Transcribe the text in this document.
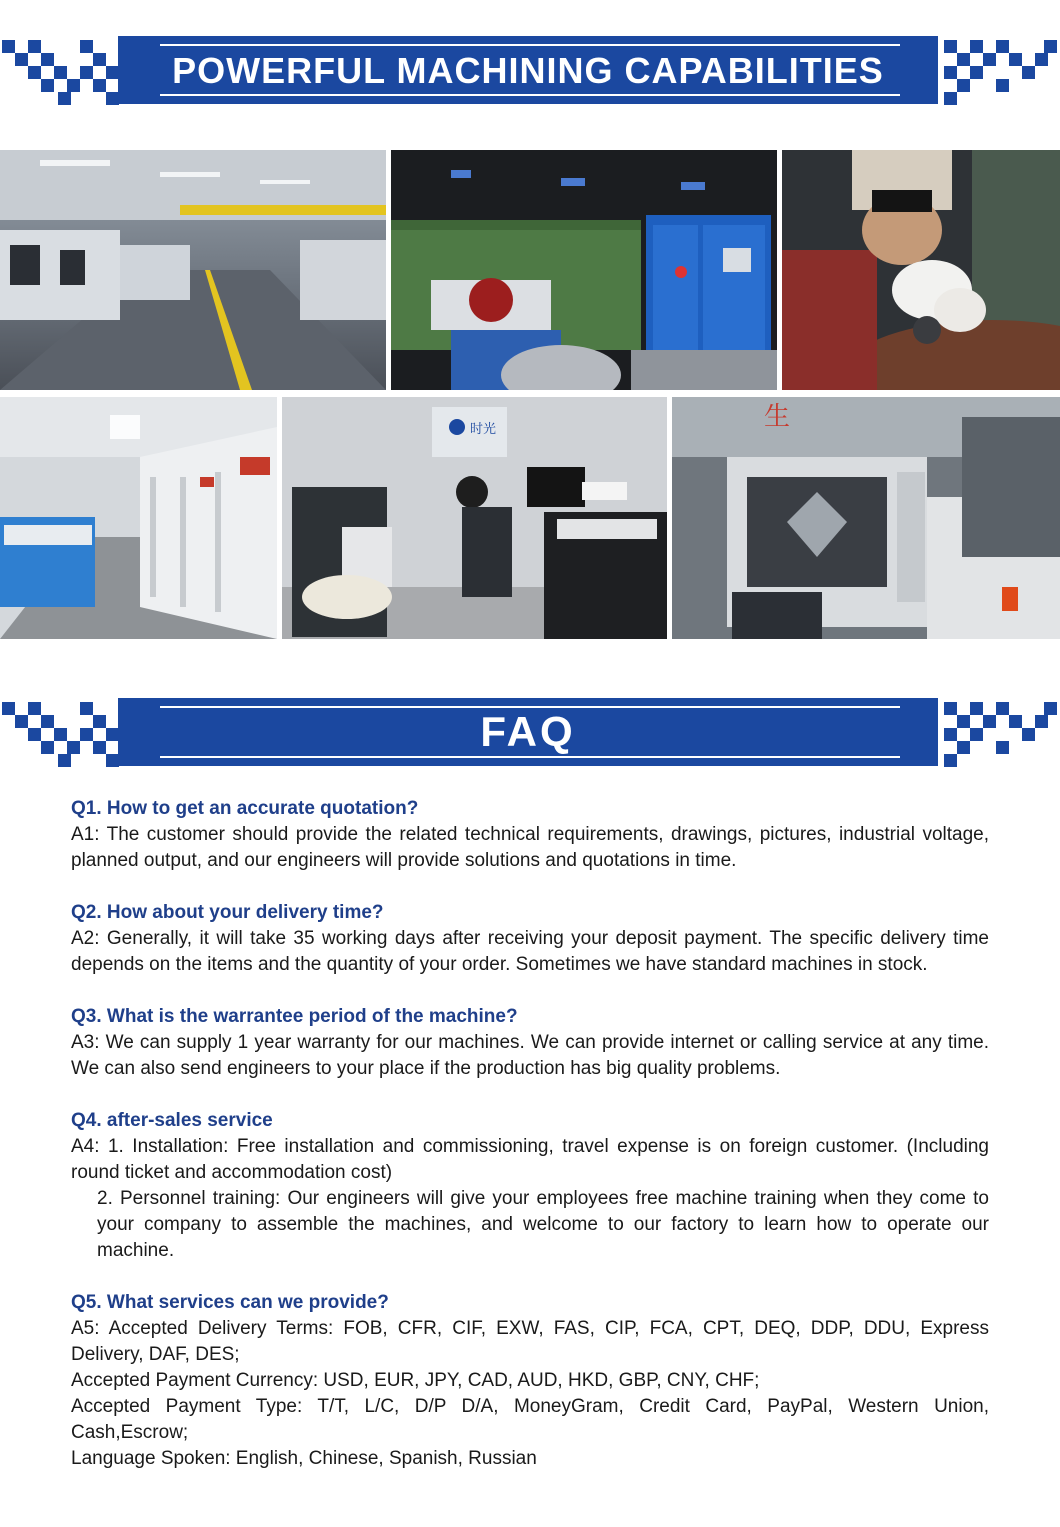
POWERFUL MACHINING CAPABILITIES
时光	生
FAQ
Q1. How to get an accurate quotation?
A1: The customer should provide the related technical requirements, drawings, pictures, industrial voltage, planned output, and our engineers will provide solutions and quotations in time.
Q2. How about your delivery time?
A2: Generally, it will take 35 working days after receiving your deposit payment. The specific delivery time depends on the items and the quantity of your order. Sometimes we have standard machines in stock.
Q3. What is the warrantee period of the machine?
A3: We can supply 1 year warranty for our machines. We can provide internet or calling service at any time. We can also send engineers to your place if the production has big quality problems.
Q4. after-sales service

A4: 1. Installation: Free installation and commissioning, travel expense is on foreign customer. (Including round ticket and accommodation cost)

2. Personnel training: Our engineers will give your employees free machine training when they come to your company to assemble the machines, and welcome to our factory to learn how to operate our machine.

Q5. What services can we provide?

A5: Accepted Delivery Terms: FOB, CFR, CIF, EXW, FAS, CIP, FCA, CPT, DEQ, DDP, DDU, Express Delivery, DAF, DES;

Accepted Payment Currency: USD, EUR, JPY, CAD, AUD, HKD, GBP, CNY, CHF;

Accepted Payment Type: T/T, L/C, D/P D/A, MoneyGram, Credit Card, PayPal, Western Union, Cash,Escrow;

Language Spoken: English, Chinese, Spanish, Russian
